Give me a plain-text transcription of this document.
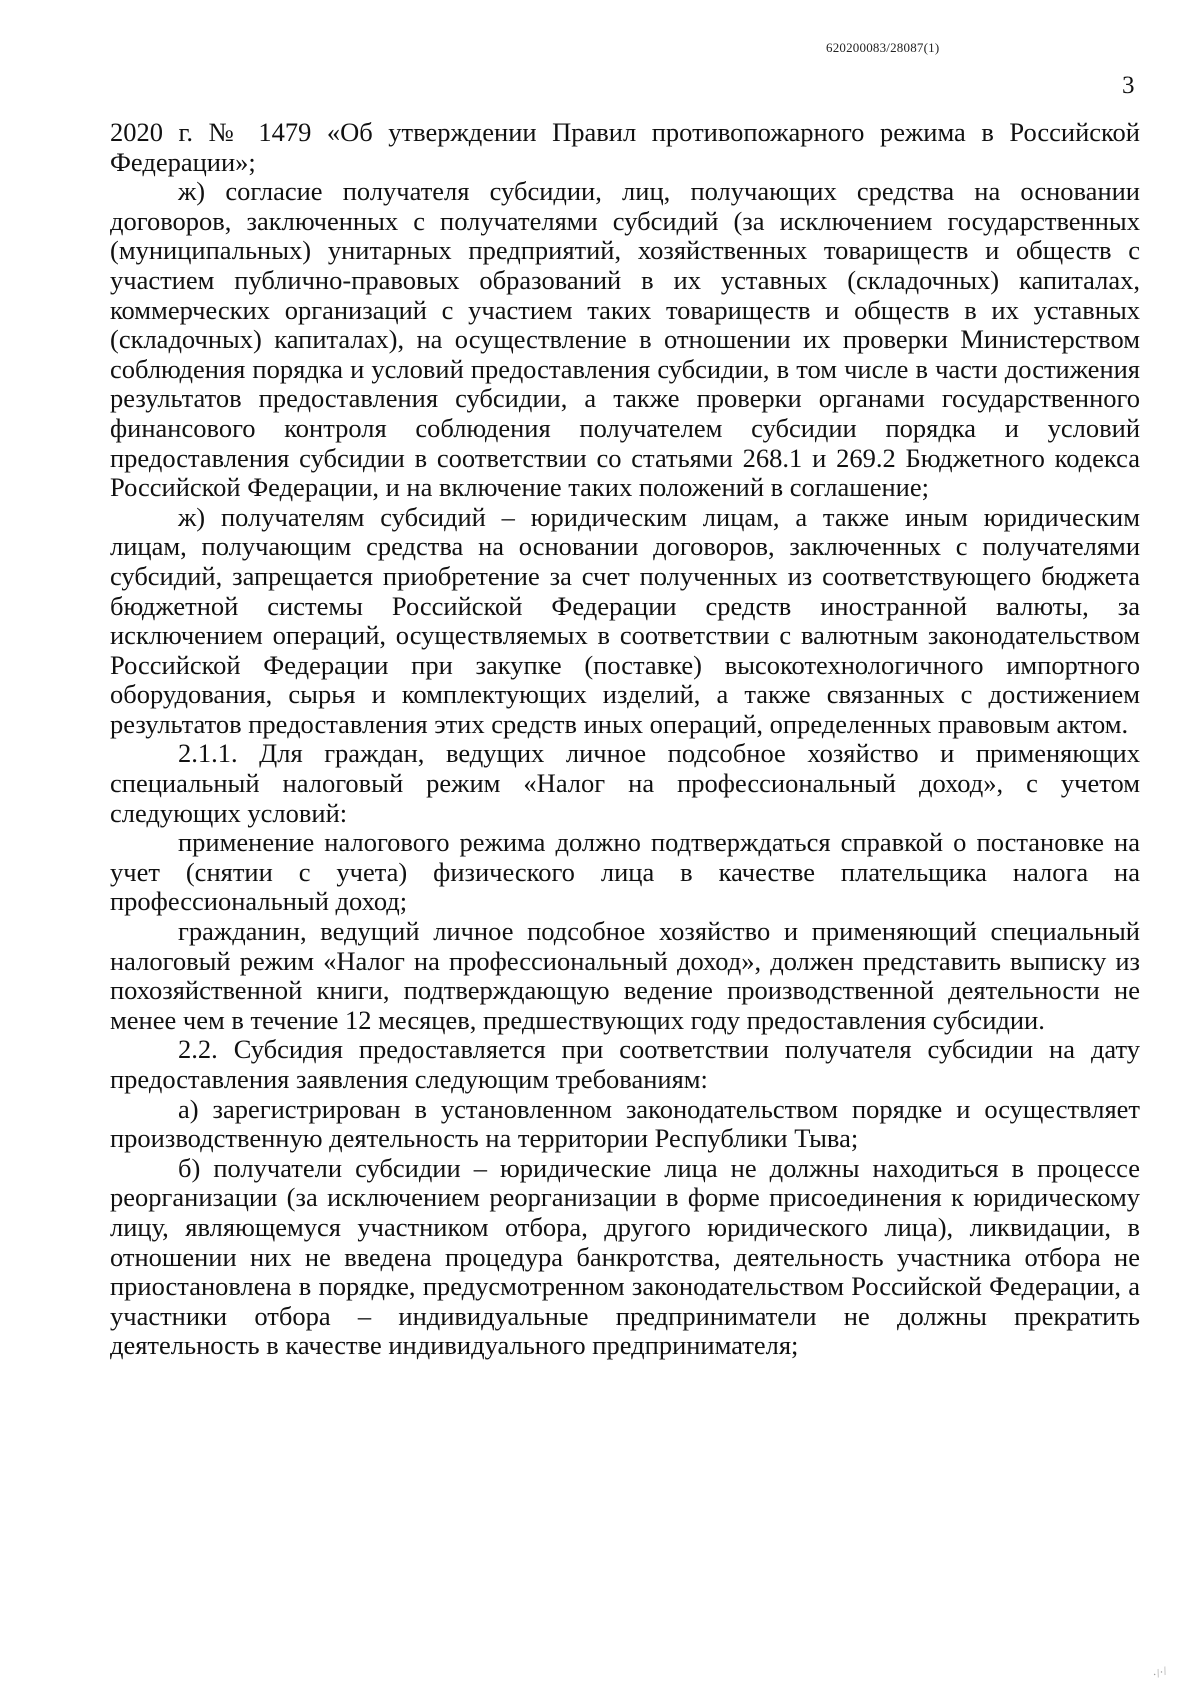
620200083/28087(1)
3

2020 г. № 1479 «Об утверждении Правил противопожарного режима в Российской Федерации»;

ж) согласие получателя субсидии, лиц, получающих средства на основании договоров, заключенных с получателями субсидий (за исключением государственных (муниципальных) унитарных предприятий, хозяйственных товариществ и обществ с участием публично-правовых образований в их уставных (складочных) капиталах, коммерческих организаций с участием таких товариществ и обществ в их уставных (складочных) капиталах), на осуществление в отношении их проверки Министерством соблюдения порядка и условий предоставления субсидии, в том числе в части достижения результатов предоставления субсидии, а также проверки органами государственного финансового контроля соблюдения получателем субсидии порядка и условий предоставления субсидии в соответствии со статьями 268.1 и 269.2 Бюджетного кодекса Российской Федерации, и на включение таких положений в соглашение;

ж) получателям субсидий – юридическим лицам, а также иным юридическим лицам, получающим средства на основании договоров, заключенных с получателями субсидий, запрещается приобретение за счет полученных из соответствующего бюджета бюджетной системы Российской Федерации средств иностранной валюты, за исключением операций, осуществляемых в соответствии с валютным законодательством Российской Федерации при закупке (поставке) высокотехнологичного импортного оборудования, сырья и комплектующих изделий, а также связанных с достижением результатов предоставления этих средств иных операций, определенных правовым актом.

2.1.1. Для граждан, ведущих личное подсобное хозяйство и применяющих специальный налоговый режим «Налог на профессиональный доход», с учетом следующих условий:

применение налогового режима должно подтверждаться справкой о постановке на учет (снятии с учета) физического лица в качестве плательщика налога на профессиональный доход;

гражданин, ведущий личное подсобное хозяйство и применяющий специальный налоговый режим «Налог на профессиональный доход», должен представить выписку из похозяйственной книги, подтверждающую ведение производственной деятельности не менее чем в течение 12 месяцев, предшествующих году предоставления субсидии.

2.2. Субсидия предоставляется при соответствии получателя субсидии на дату предоставления заявления следующим требованиям:

а) зарегистрирован в установленном законодательством порядке и осуществляет производственную деятельность на территории Республики Тыва;

б) получатели субсидии – юридические лица не должны находиться в процессе реорганизации (за исключением реорганизации в форме присоединения к юридическому лицу, являющемуся участником отбора, другого юридического лица), ликвидации, в отношении них не введена процедура банкротства, деятельность участника отбора не приостановлена в порядке, предусмотренном законодательством Российской Федерации, а участники отбора – индивидуальные предприниматели не должны прекратить деятельность в качестве индивидуального предпринимателя;

·/·/
